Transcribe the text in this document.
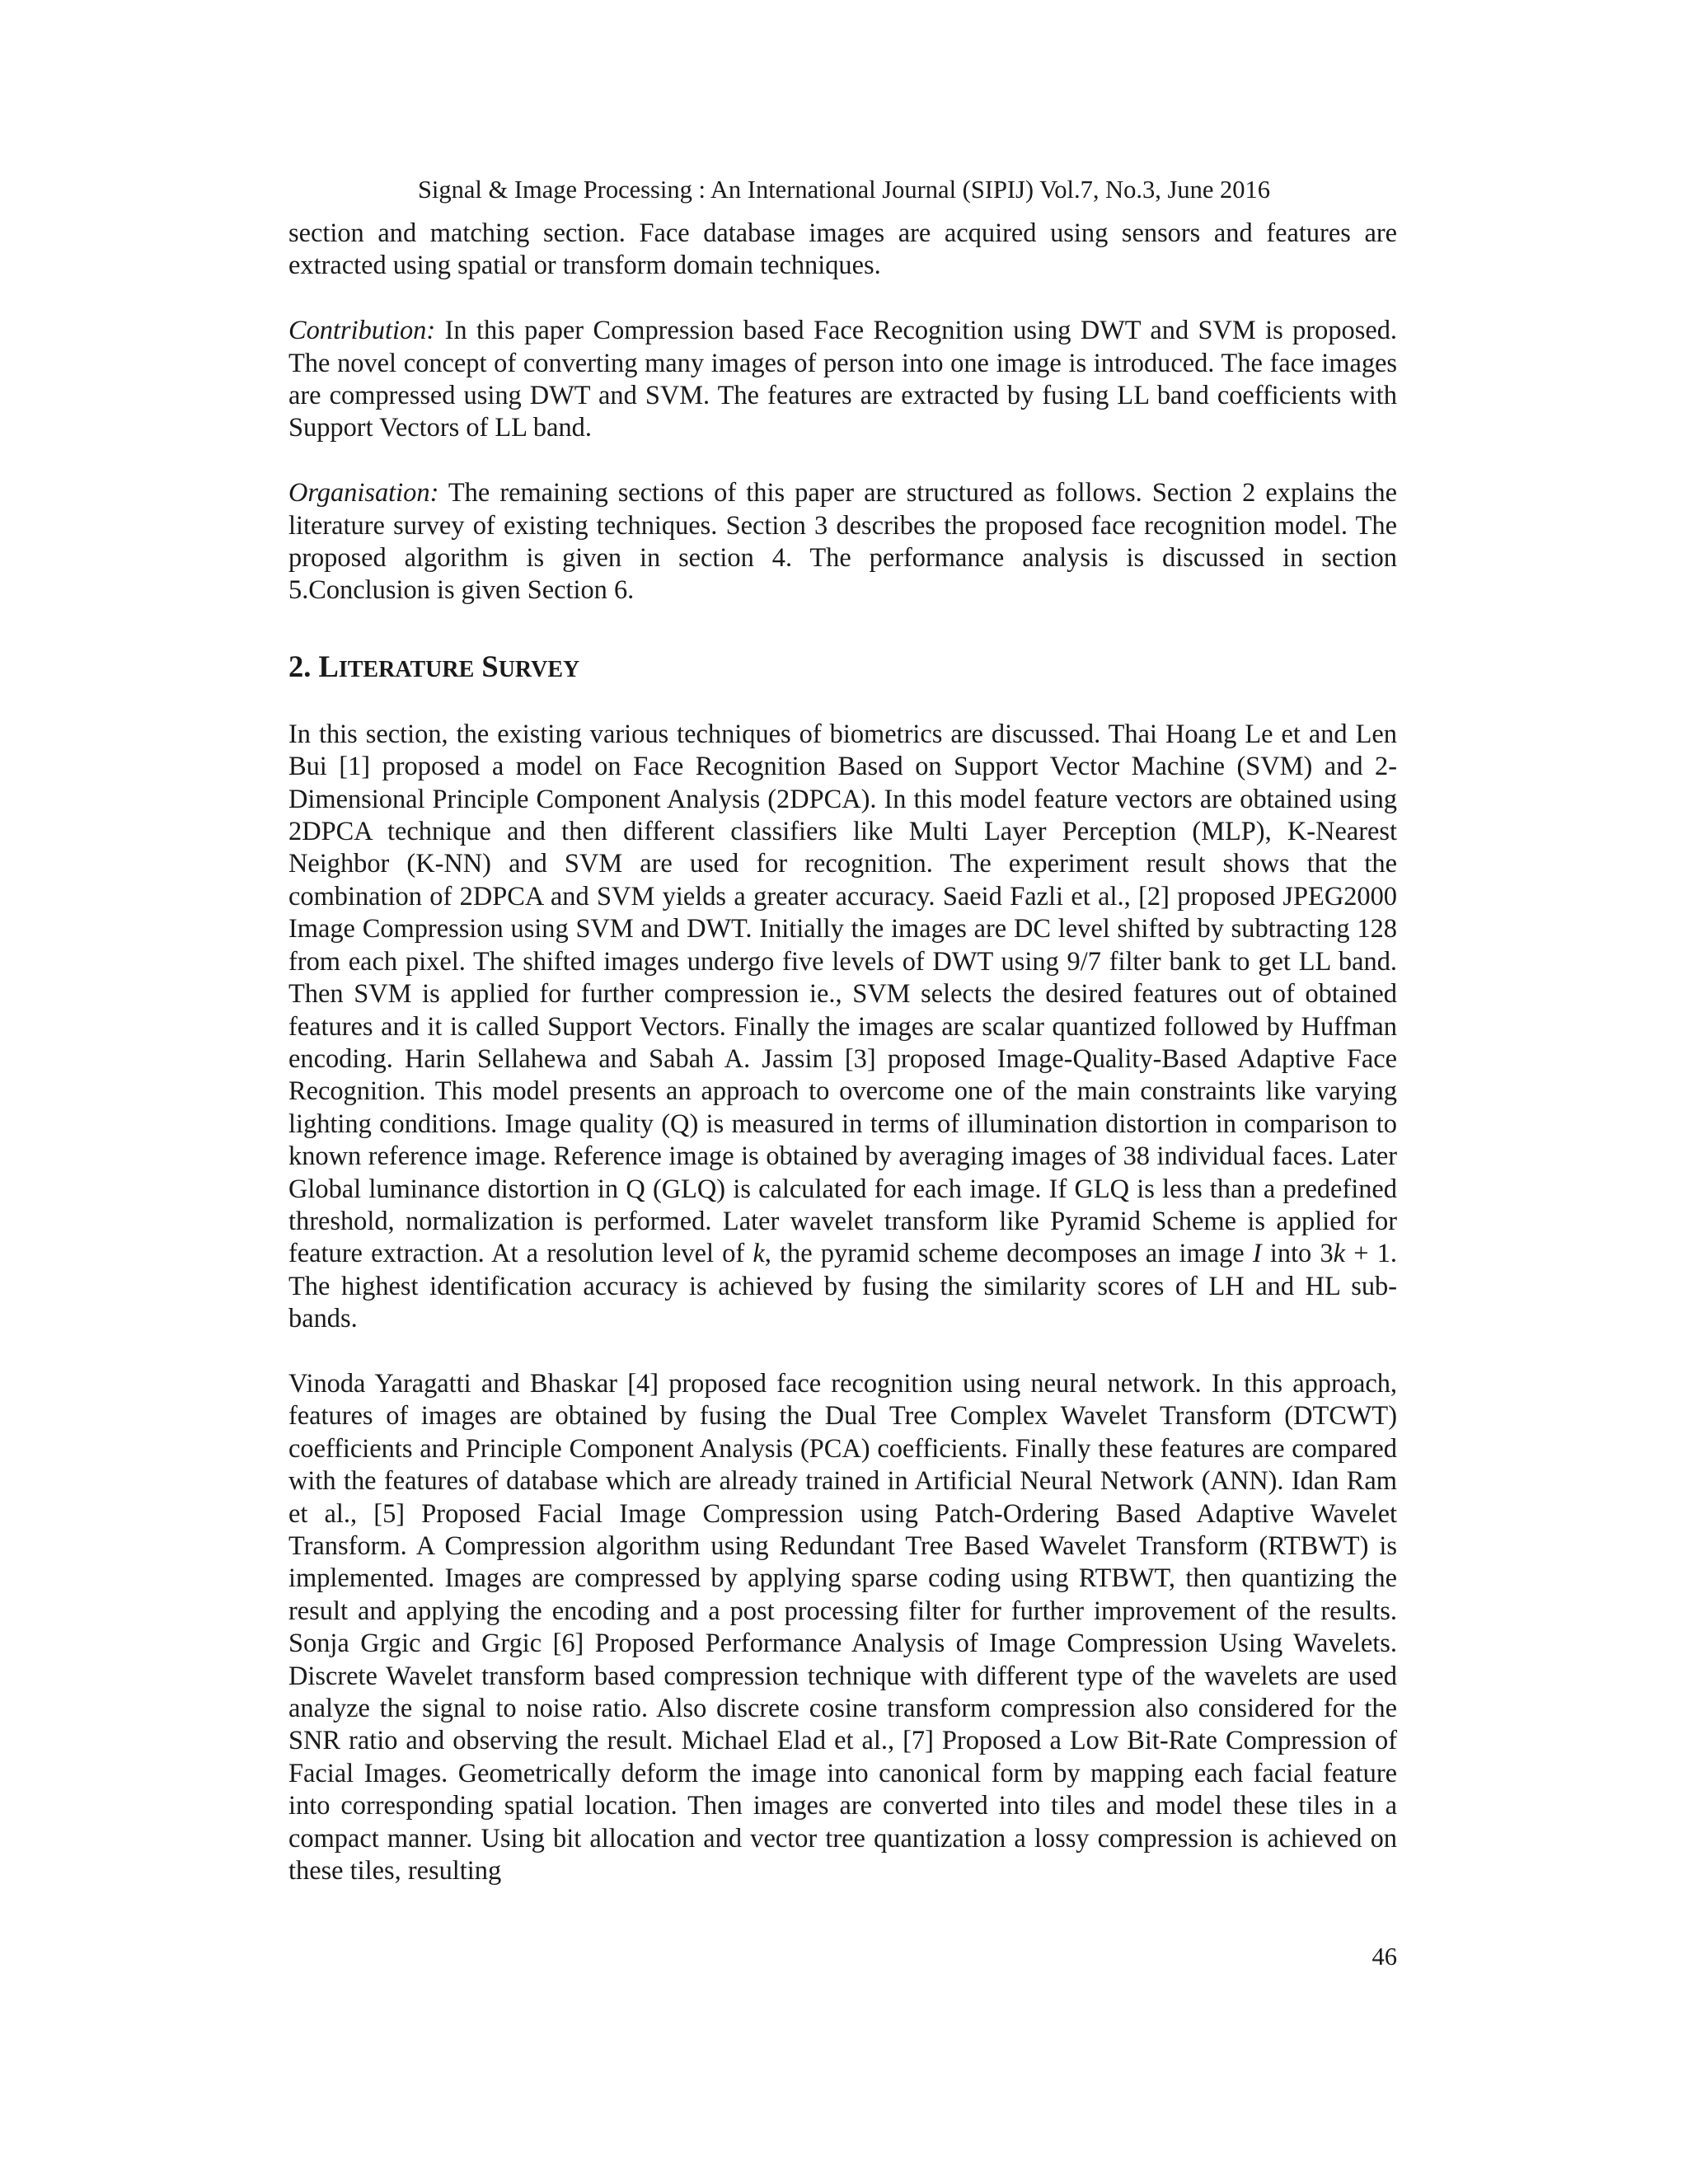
Signal & Image Processing : An International Journal (SIPIJ) Vol.7, No.3, June 2016

section and matching section. Face database images are acquired using sensors and features are extracted using spatial or transform domain techniques.

Contribution: In this paper Compression based Face Recognition using DWT and SVM is proposed. The novel concept of converting many images of person into one image is introduced. The face images are compressed using DWT and SVM. The features are extracted by fusing LL band coefficients with Support Vectors of LL band.

Organisation: The remaining sections of this paper are structured as follows. Section 2 explains the literature survey of existing techniques. Section 3 describes the proposed face recognition model. The proposed algorithm is given in section 4. The performance analysis is discussed in section 5.Conclusion is given Section 6.

2. LITERATURE SURVEY

In this section, the existing various techniques of biometrics are discussed. Thai Hoang Le et and Len Bui [1] proposed a model on Face Recognition Based on Support Vector Machine (SVM) and 2-Dimensional Principle Component Analysis (2DPCA). In this model feature vectors are obtained using 2DPCA technique and then different classifiers like Multi Layer Perception (MLP), K-Nearest Neighbor (K-NN) and SVM are used for recognition. The experiment result shows that the combination of 2DPCA and SVM yields a greater accuracy. Saeid Fazli et al., [2] proposed JPEG2000 Image Compression using SVM and DWT. Initially the images are DC level shifted by subtracting 128 from each pixel. The shifted images undergo five levels of DWT using 9/7 filter bank to get LL band. Then SVM is applied for further compression ie., SVM selects the desired features out of obtained features and it is called Support Vectors. Finally the images are scalar quantized followed by Huffman encoding. Harin Sellahewa and Sabah A. Jassim [3] proposed Image-Quality-Based Adaptive Face Recognition. This model presents an approach to overcome one of the main constraints like varying lighting conditions. Image quality (Q) is measured in terms of illumination distortion in comparison to known reference image. Reference image is obtained by averaging images of 38 individual faces. Later Global luminance distortion in Q (GLQ) is calculated for each image. If GLQ is less than a predefined threshold, normalization is performed. Later wavelet transform like Pyramid Scheme is applied for feature extraction. At a resolution level of k, the pyramid scheme decomposes an image I into 3k + 1. The highest identification accuracy is achieved by fusing the similarity scores of LH and HL sub-bands.

Vinoda Yaragatti and Bhaskar [4] proposed face recognition using neural network. In this approach, features of images are obtained by fusing the Dual Tree Complex Wavelet Transform (DTCWT) coefficients and Principle Component Analysis (PCA) coefficients. Finally these features are compared with the features of database which are already trained in Artificial Neural Network (ANN). Idan Ram et al., [5] Proposed Facial Image Compression using Patch-Ordering Based Adaptive Wavelet Transform. A Compression algorithm using Redundant Tree Based Wavelet Transform (RTBWT) is implemented. Images are compressed by applying sparse coding using RTBWT, then quantizing the result and applying the encoding and a post processing filter for further improvement of the results. Sonja Grgic and Grgic [6] Proposed Performance Analysis of Image Compression Using Wavelets. Discrete Wavelet transform based compression technique with different type of the wavelets are used analyze the signal to noise ratio. Also discrete cosine transform compression also considered for the SNR ratio and observing the result. Michael Elad et al., [7] Proposed a Low Bit-Rate Compression of Facial Images. Geometrically deform the image into canonical form by mapping each facial feature into corresponding spatial location. Then images are converted into tiles and model these tiles in a compact manner. Using bit allocation and vector tree quantization a lossy compression is achieved on these tiles, resulting

46
